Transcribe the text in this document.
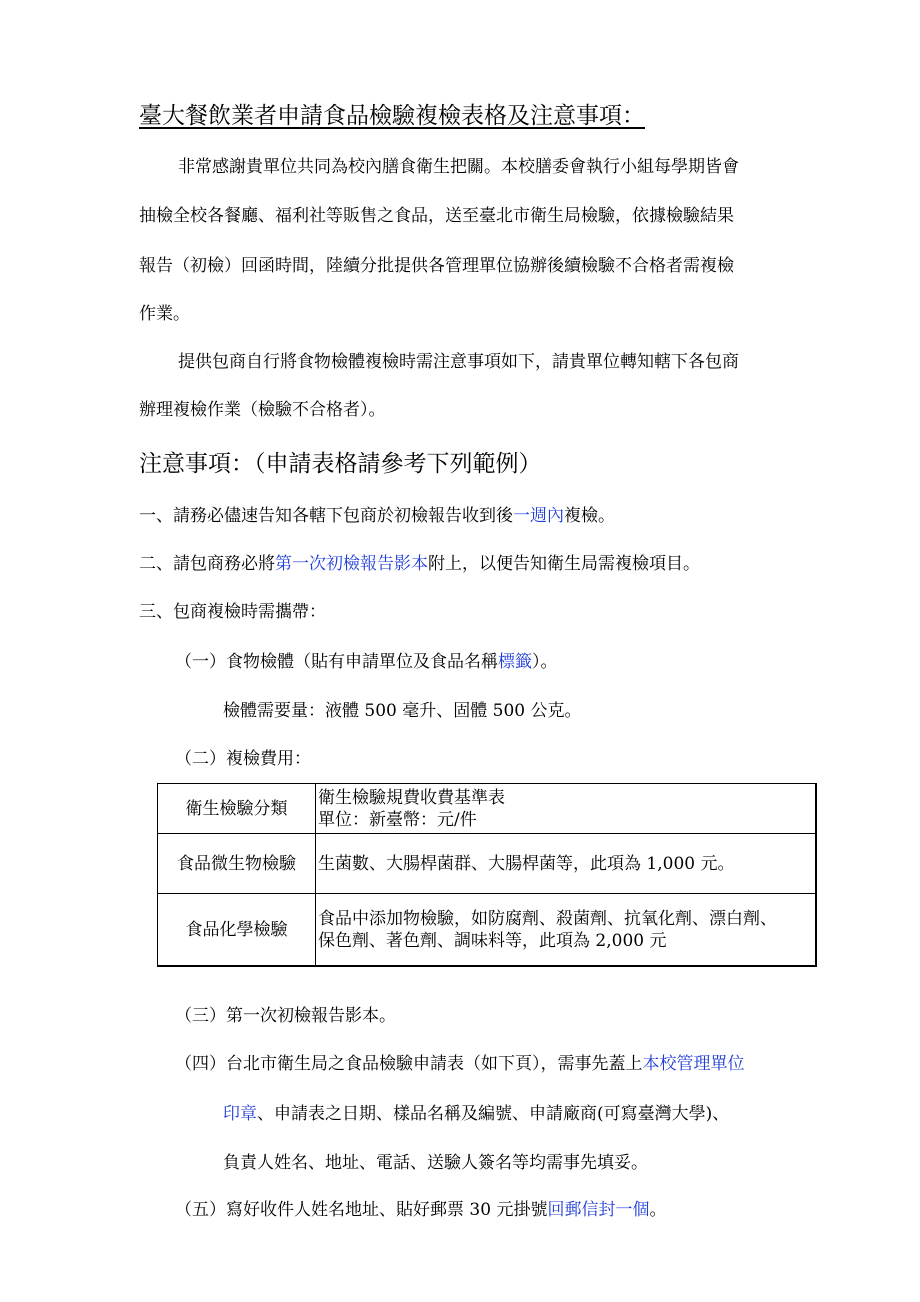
臺大餐飲業者申請食品檢驗複檢表格及注意事項：
非常感謝貴單位共同為校內膳食衛生把關。本校膳委會執行小組每學期皆會
抽檢全校各餐廳、福利社等販售之食品，送至臺北市衛生局檢驗，依據檢驗結果
報告（初檢）回函時間，陸續分批提供各管理單位協辦後續檢驗不合格者需複檢
作業。
提供包商自行將食物檢體複檢時需注意事項如下，請貴單位轉知轄下各包商
辦理複檢作業（檢驗不合格者）。
注意事項：（申請表格請參考下列範例）
一、請務必儘速告知各轄下包商於初檢報告收到後一週內複檢。
二、請包商務必將第一次初檢報告影本附上，以便告知衛生局需複檢項目。
三、包商複檢時需攜帶：
（一）食物檢體（貼有申請單位及食品名稱標籤）。
檢體需要量：液體 500 毫升、固體 500 公克。
（二）複檢費用：
衛生檢驗分類	衛生檢驗規費收費基準表
單位：新臺幣：元/件

食品微生物檢驗	生菌數、大腸桿菌群、大腸桿菌等，此項為 1,000 元。

食品化學檢驗	食品中添加物檢驗，如防腐劑、殺菌劑、抗氧化劑、漂白劑、
保色劑、著色劑、調味料等，此項為 2,000 元
（三）第一次初檢報告影本。
（四）台北市衛生局之食品檢驗申請表（如下頁），需事先蓋上本校管理單位
印章、申請表之日期、樣品名稱及編號、申請廠商(可寫臺灣大學)、
負責人姓名、地址、電話、送驗人簽名等均需事先填妥。
（五）寫好收件人姓名地址、貼好郵票 30 元掛號回郵信封一個。
